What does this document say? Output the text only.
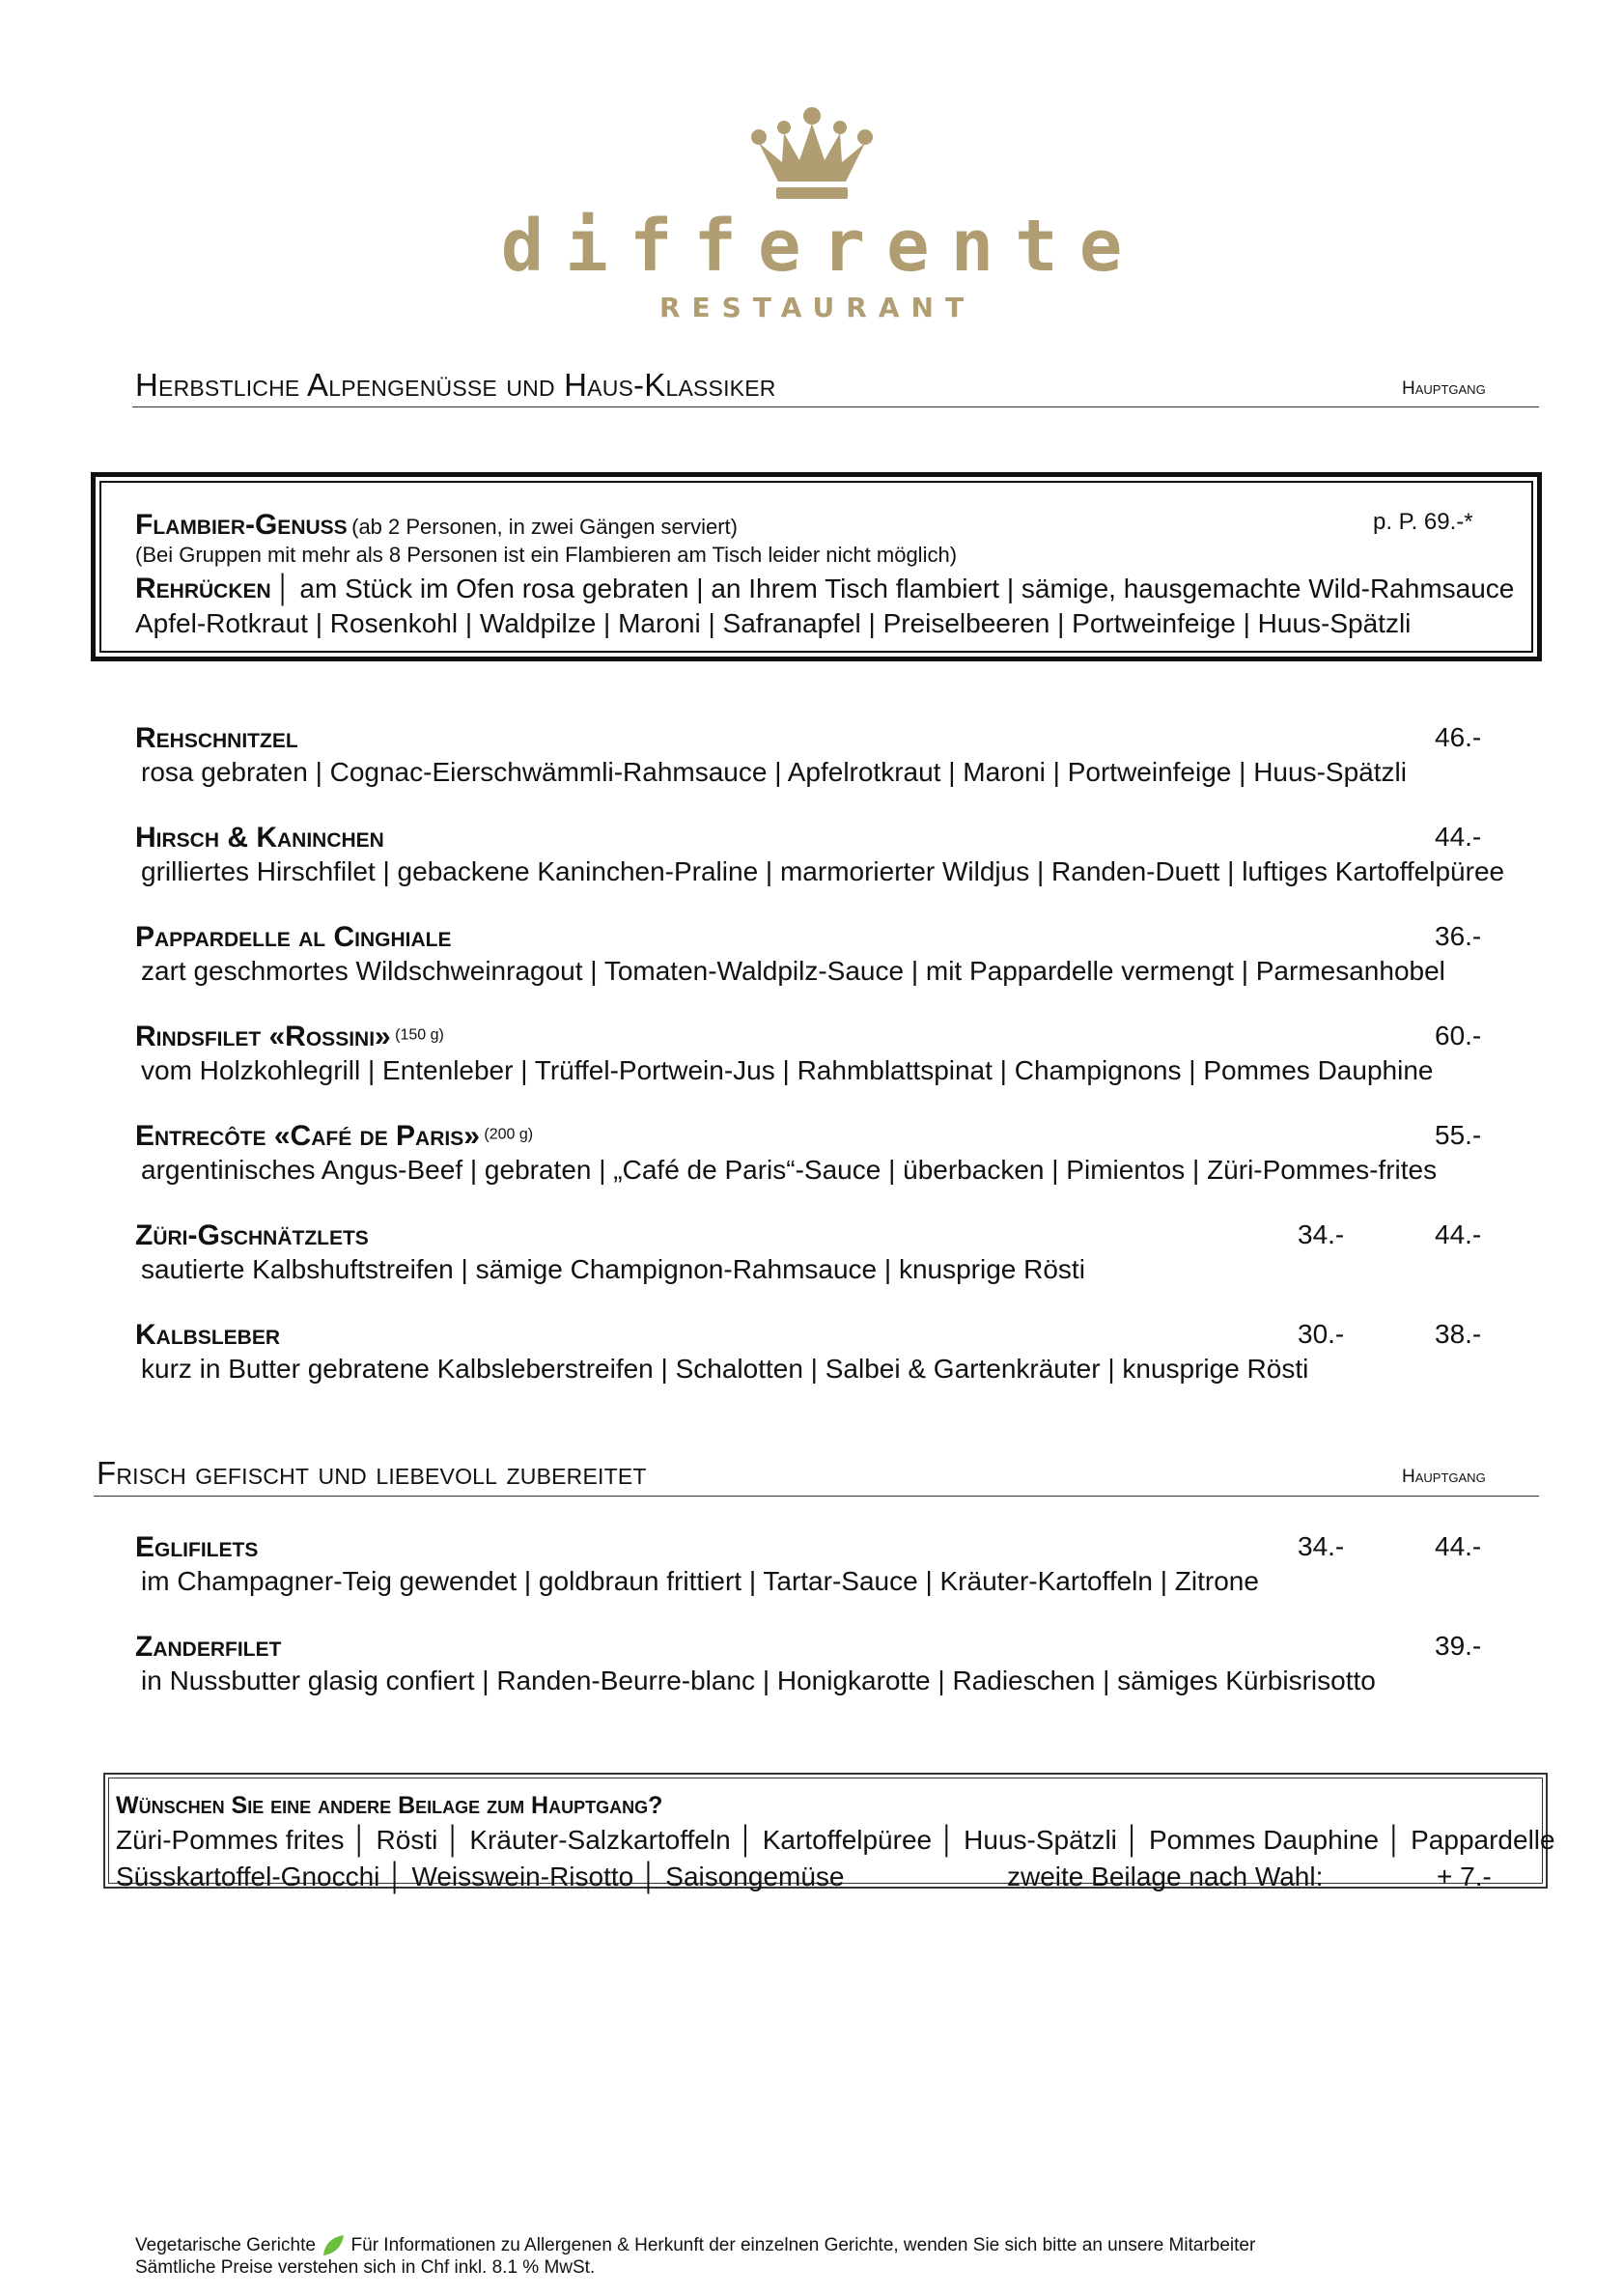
differente
RESTAURANT
Herbstliche Alpengenüsse und Haus-Klassiker	Hauptgang
Flambier-Genuss (ab 2 Personen, in zwei Gängen serviert)	p. P. 69.-*
(Bei Gruppen mit mehr als 8 Personen ist ein Flambieren am Tisch leider nicht möglich)
Rehrücken │ am Stück im Ofen rosa gebraten | an Ihrem Tisch flambiert | sämige, hausgemachte Wild-Rahmsauce
Apfel-Rotkraut | Rosenkohl | Waldpilze | Maroni | Safranapfel | Preiselbeeren | Portweinfeige | Huus-Spätzli
Rehschnitzel	46.-
rosa gebraten | Cognac-Eierschwämmli-Rahmsauce | Apfelrotkraut | Maroni | Portweinfeige | Huus-Spätzli
Hirsch & Kaninchen	44.-
grilliertes Hirschfilet | gebackene Kaninchen-Praline | marmorierter Wildjus | Randen-Duett | luftiges Kartoffelpüree
Pappardelle al Cinghiale	36.-
zart geschmortes Wildschweinragout | Tomaten-Waldpilz-Sauce | mit Pappardelle vermengt | Parmesanhobel
Rindsfilet «Rossini» (150 g)	60.-
vom Holzkohlegrill | Entenleber | Trüffel-Portwein-Jus | Rahmblattspinat | Champignons | Pommes Dauphine
Entrecôte «Café de Paris» (200 g)	55.-
argentinisches Angus-Beef | gebraten | „Café de Paris“-Sauce | überbacken | Pimientos | Züri-Pommes-frites
Züri-Gschnätzlets	34.-	44.-
sautierte Kalbshuftstreifen | sämige Champignon-Rahmsauce | knusprige Rösti
Kalbsleber	30.-	38.-
kurz in Butter gebratene Kalbsleberstreifen | Schalotten | Salbei & Gartenkräuter | knusprige Rösti
Frisch gefischt und liebevoll zubereitet	Hauptgang
Eglifilets	34.-	44.-
im Champagner-Teig gewendet | goldbraun frittiert | Tartar-Sauce | Kräuter-Kartoffeln | Zitrone
Zanderfilet	39.-
in Nussbutter glasig confiert | Randen-Beurre-blanc | Honigkarotte | Radieschen | sämiges Kürbisrisotto
Wünschen Sie eine andere Beilage zum Hauptgang?
Züri-Pommes frites │ Rösti │ Kräuter-Salzkartoffeln │ Kartoffelpüree │ Huus-Spätzli │ Pommes Dauphine │ Pappardelle
Süsskartoffel-Gnocchi │ Weisswein-Risotto │ Saisongemüse	zweite Beilage nach Wahl:	+ 7.-
Vegetarische Gerichte Für Informationen zu Allergenen & Herkunft der einzelnen Gerichte, wenden Sie sich bitte an unsere Mitarbeiter
Sämtliche Preise verstehen sich in Chf inkl. 8.1 % MwSt.
